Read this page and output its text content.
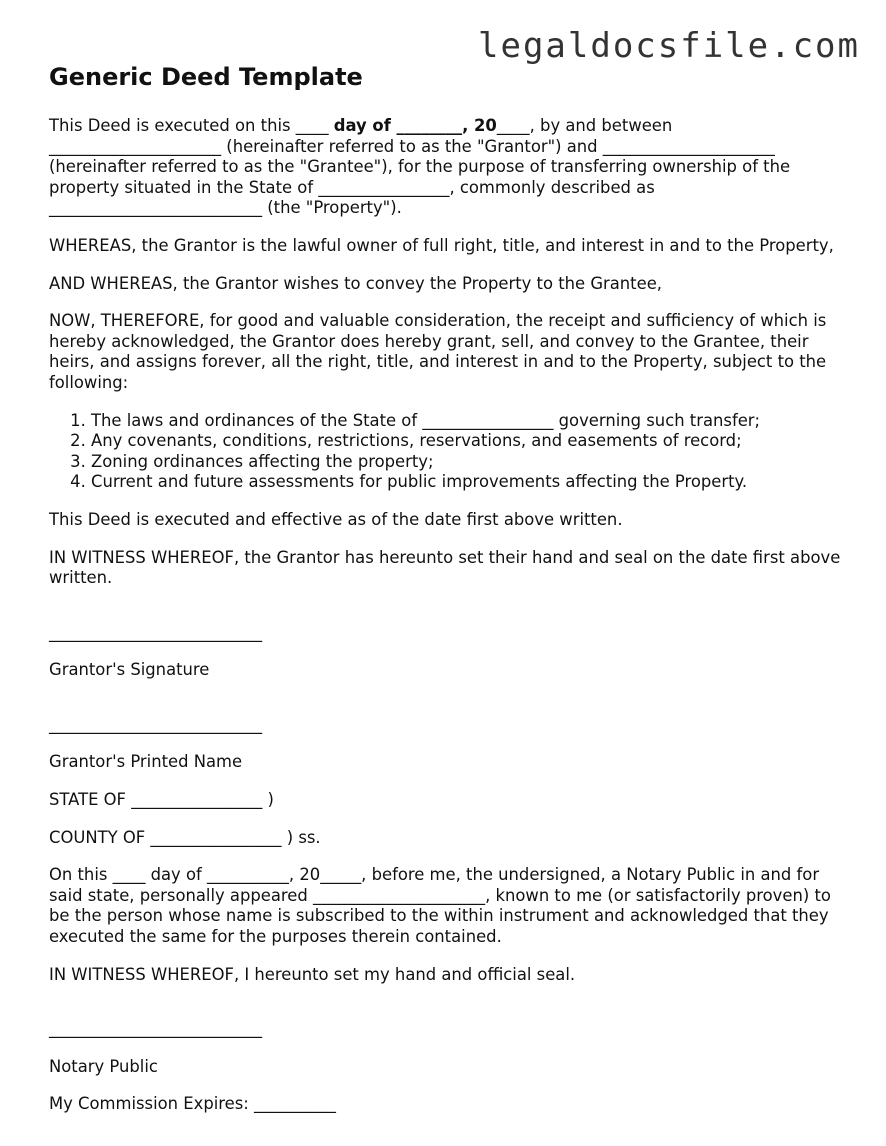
legaldocsfile.com
Generic Deed Template

This Deed is executed on this ____ day of ________, 20____, by and between _____________________ (hereinafter referred to as the "Grantor") and _____________________ (hereinafter referred to as the "Grantee"), for the purpose of transferring ownership of the property situated in the State of ________________, commonly described as __________________________ (the "Property").

WHEREAS, the Grantor is the lawful owner of full right, title, and interest in and to the Property,

AND WHEREAS, the Grantor wishes to convey the Property to the Grantee,

NOW, THEREFORE, for good and valuable consideration, the receipt and sufficiency of which is hereby acknowledged, the Grantor does hereby grant, sell, and convey to the Grantee, their heirs, and assigns forever, all the right, title, and interest in and to the Property, subject to the following:

1. The laws and ordinances of the State of ________________ governing such transfer;
2. Any covenants, conditions, restrictions, reservations, and easements of record;
3. Zoning ordinances affecting the property;
4. Current and future assessments for public improvements affecting the Property.

This Deed is executed and effective as of the date first above written.

IN WITNESS WHEREOF, the Grantor has hereunto set their hand and seal on the date first above written.

__________________________
Grantor's Signature
__________________________
Grantor's Printed Name
STATE OF ________________ )
COUNTY OF ________________ ) ss.

On this ____ day of __________, 20_____, before me, the undersigned, a Notary Public in and for said state, personally appeared _____________________, known to me (or satisfactorily proven) to be the person whose name is subscribed to the within instrument and acknowledged that they executed the same for the purposes therein contained.

IN WITNESS WHEREOF, I hereunto set my hand and official seal.

__________________________
Notary Public
My Commission Expires: __________
